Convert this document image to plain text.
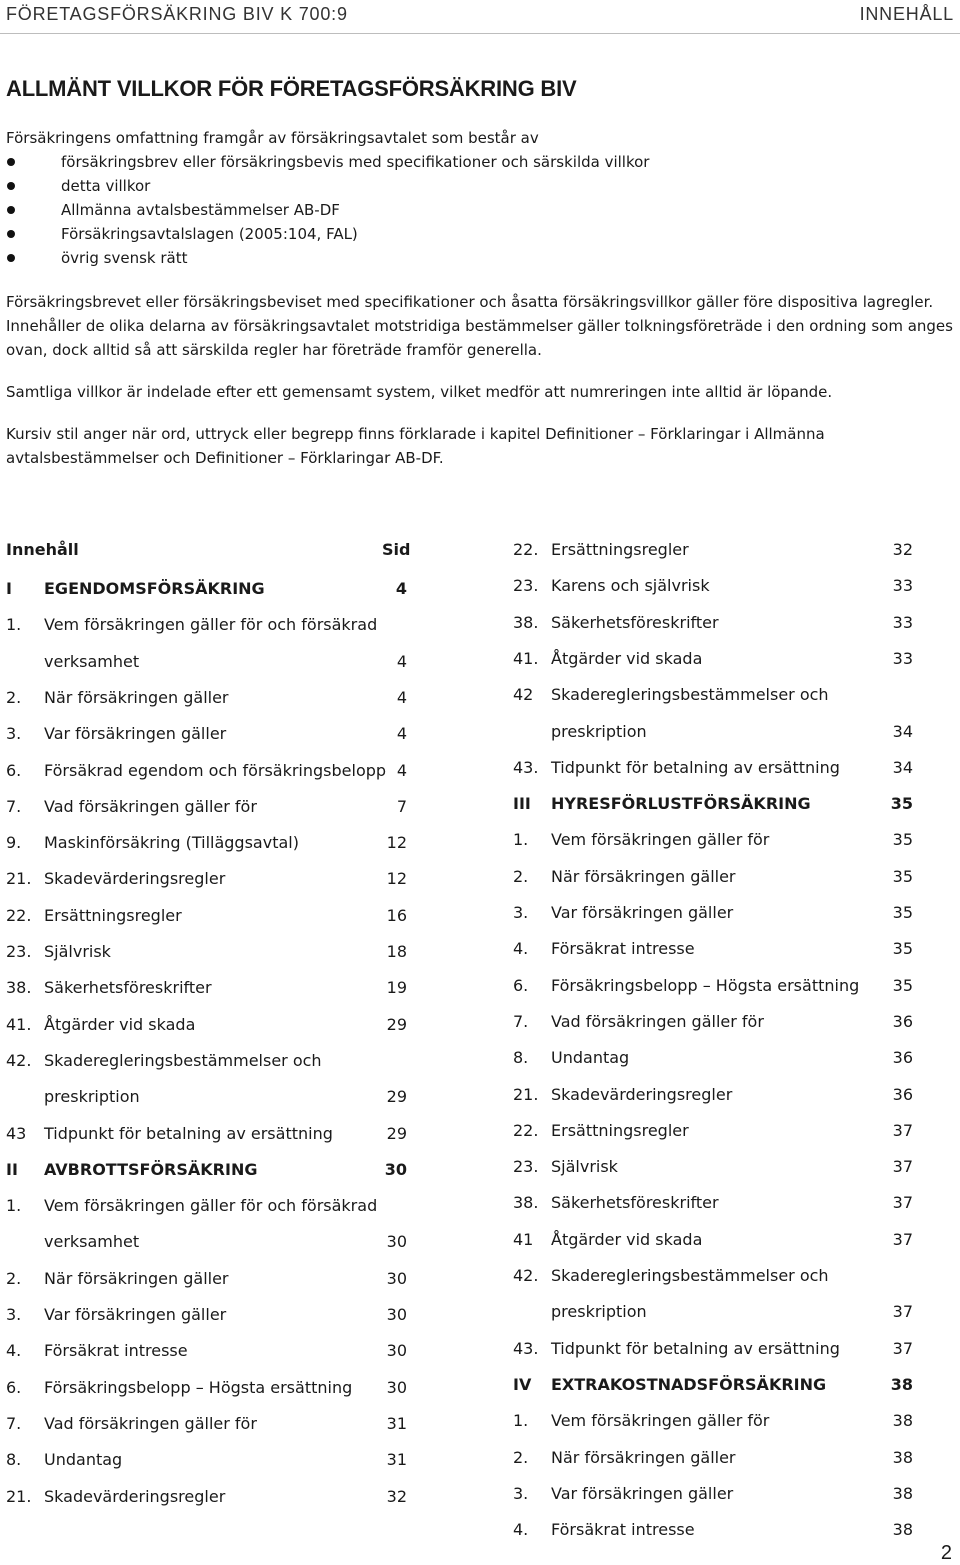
FÖRETAGSFÖRSÄKRING BIV K 700:9	INNEHÅLL
ALLMÄNT VILLKOR FÖR FÖRETAGSFÖRSÄKRING BIV

Försäkringens omfattning framgår av försäkringsavtalet som består av

försäkringsbrev eller försäkringsbevis med specifikationer och särskilda villkor
detta villkor
Allmänna avtalsbestämmelser AB-DF
Försäkringsavtalslagen (2005:104, FAL)
övrig svensk rätt

Försäkringsbrevet eller försäkringsbeviset med specifikationer och åsatta försäkringsvillkor gäller före dispositiva lagregler. Innehåller de olika delarna av försäkringsavtalet motstridiga bestämmelser gäller tolkningsföreträde i den ordning som anges ovan, dock alltid så att särskilda regler har företräde framför generella.

Samtliga villkor är indelade efter ett gemensamt system, vilket medför att numreringen inte alltid är löpande.

Kursiv stil anger när ord, uttryck eller begrepp finns förklarade i kapitel Definitioner – Förklaringar i Allmänna avtalsbestämmelser och Definitioner – Förklaringar AB-DF.

Innehåll	Sid
I EGENDOMSFÖRSÄKRING	4
1. Vem försäkringen gäller för och försäkrad
verksamhet	4
2. När försäkringen gäller	4
3. Var försäkringen gäller	4
6. Försäkrad egendom och försäkringsbelopp 4
7. Vad försäkringen gäller för	7
9. Maskinförsäkring (Tilläggsavtal)	12
21. Skadevärderingsregler	12
22. Ersättningsregler	16
23. Självrisk	18
38. Säkerhetsföreskrifter	19
41. Åtgärder vid skada	29
42. Skaderegleringsbestämmelser och
preskription	29
43 Tidpunkt för betalning av ersättning	29
II AVBROTTSFÖRSÄKRING	30
1. Vem försäkringen gäller för och försäkrad
verksamhet	30
2. När försäkringen gäller	30
3. Var försäkringen gäller	30
4. Försäkrat intresse	30
6. Försäkringsbelopp – Högsta ersättning 30
7. Vad försäkringen gäller för	31
8. Undantag	31
21. Skadevärderingsregler	32
22. Ersättningsregler	32
23. Karens och självrisk	33
38. Säkerhetsföreskrifter	33
41. Åtgärder vid skada	33
42 Skaderegleringsbestämmelser och
preskription	34
43. Tidpunkt för betalning av ersättning	34
III HYRESFÖRLUSTFÖRSÄKRING	35
1. Vem försäkringen gäller för	35
2. När försäkringen gäller	35
3. Var försäkringen gäller	35
4. Försäkrat intresse	35
6. Försäkringsbelopp – Högsta ersättning 35
7. Vad försäkringen gäller för	36
8. Undantag	36
21. Skadevärderingsregler	36
22. Ersättningsregler	37
23. Självrisk	37
38. Säkerhetsföreskrifter	37
41 Åtgärder vid skada	37
42. Skaderegleringsbestämmelser och
preskription	37
43. Tidpunkt för betalning av ersättning	37
IV EXTRAKOSTNADSFÖRSÄKRING	38
1. Vem försäkringen gäller för	38
2. När försäkringen gäller	38
3. Var försäkringen gäller	38
4. Försäkrat intresse	38
2
